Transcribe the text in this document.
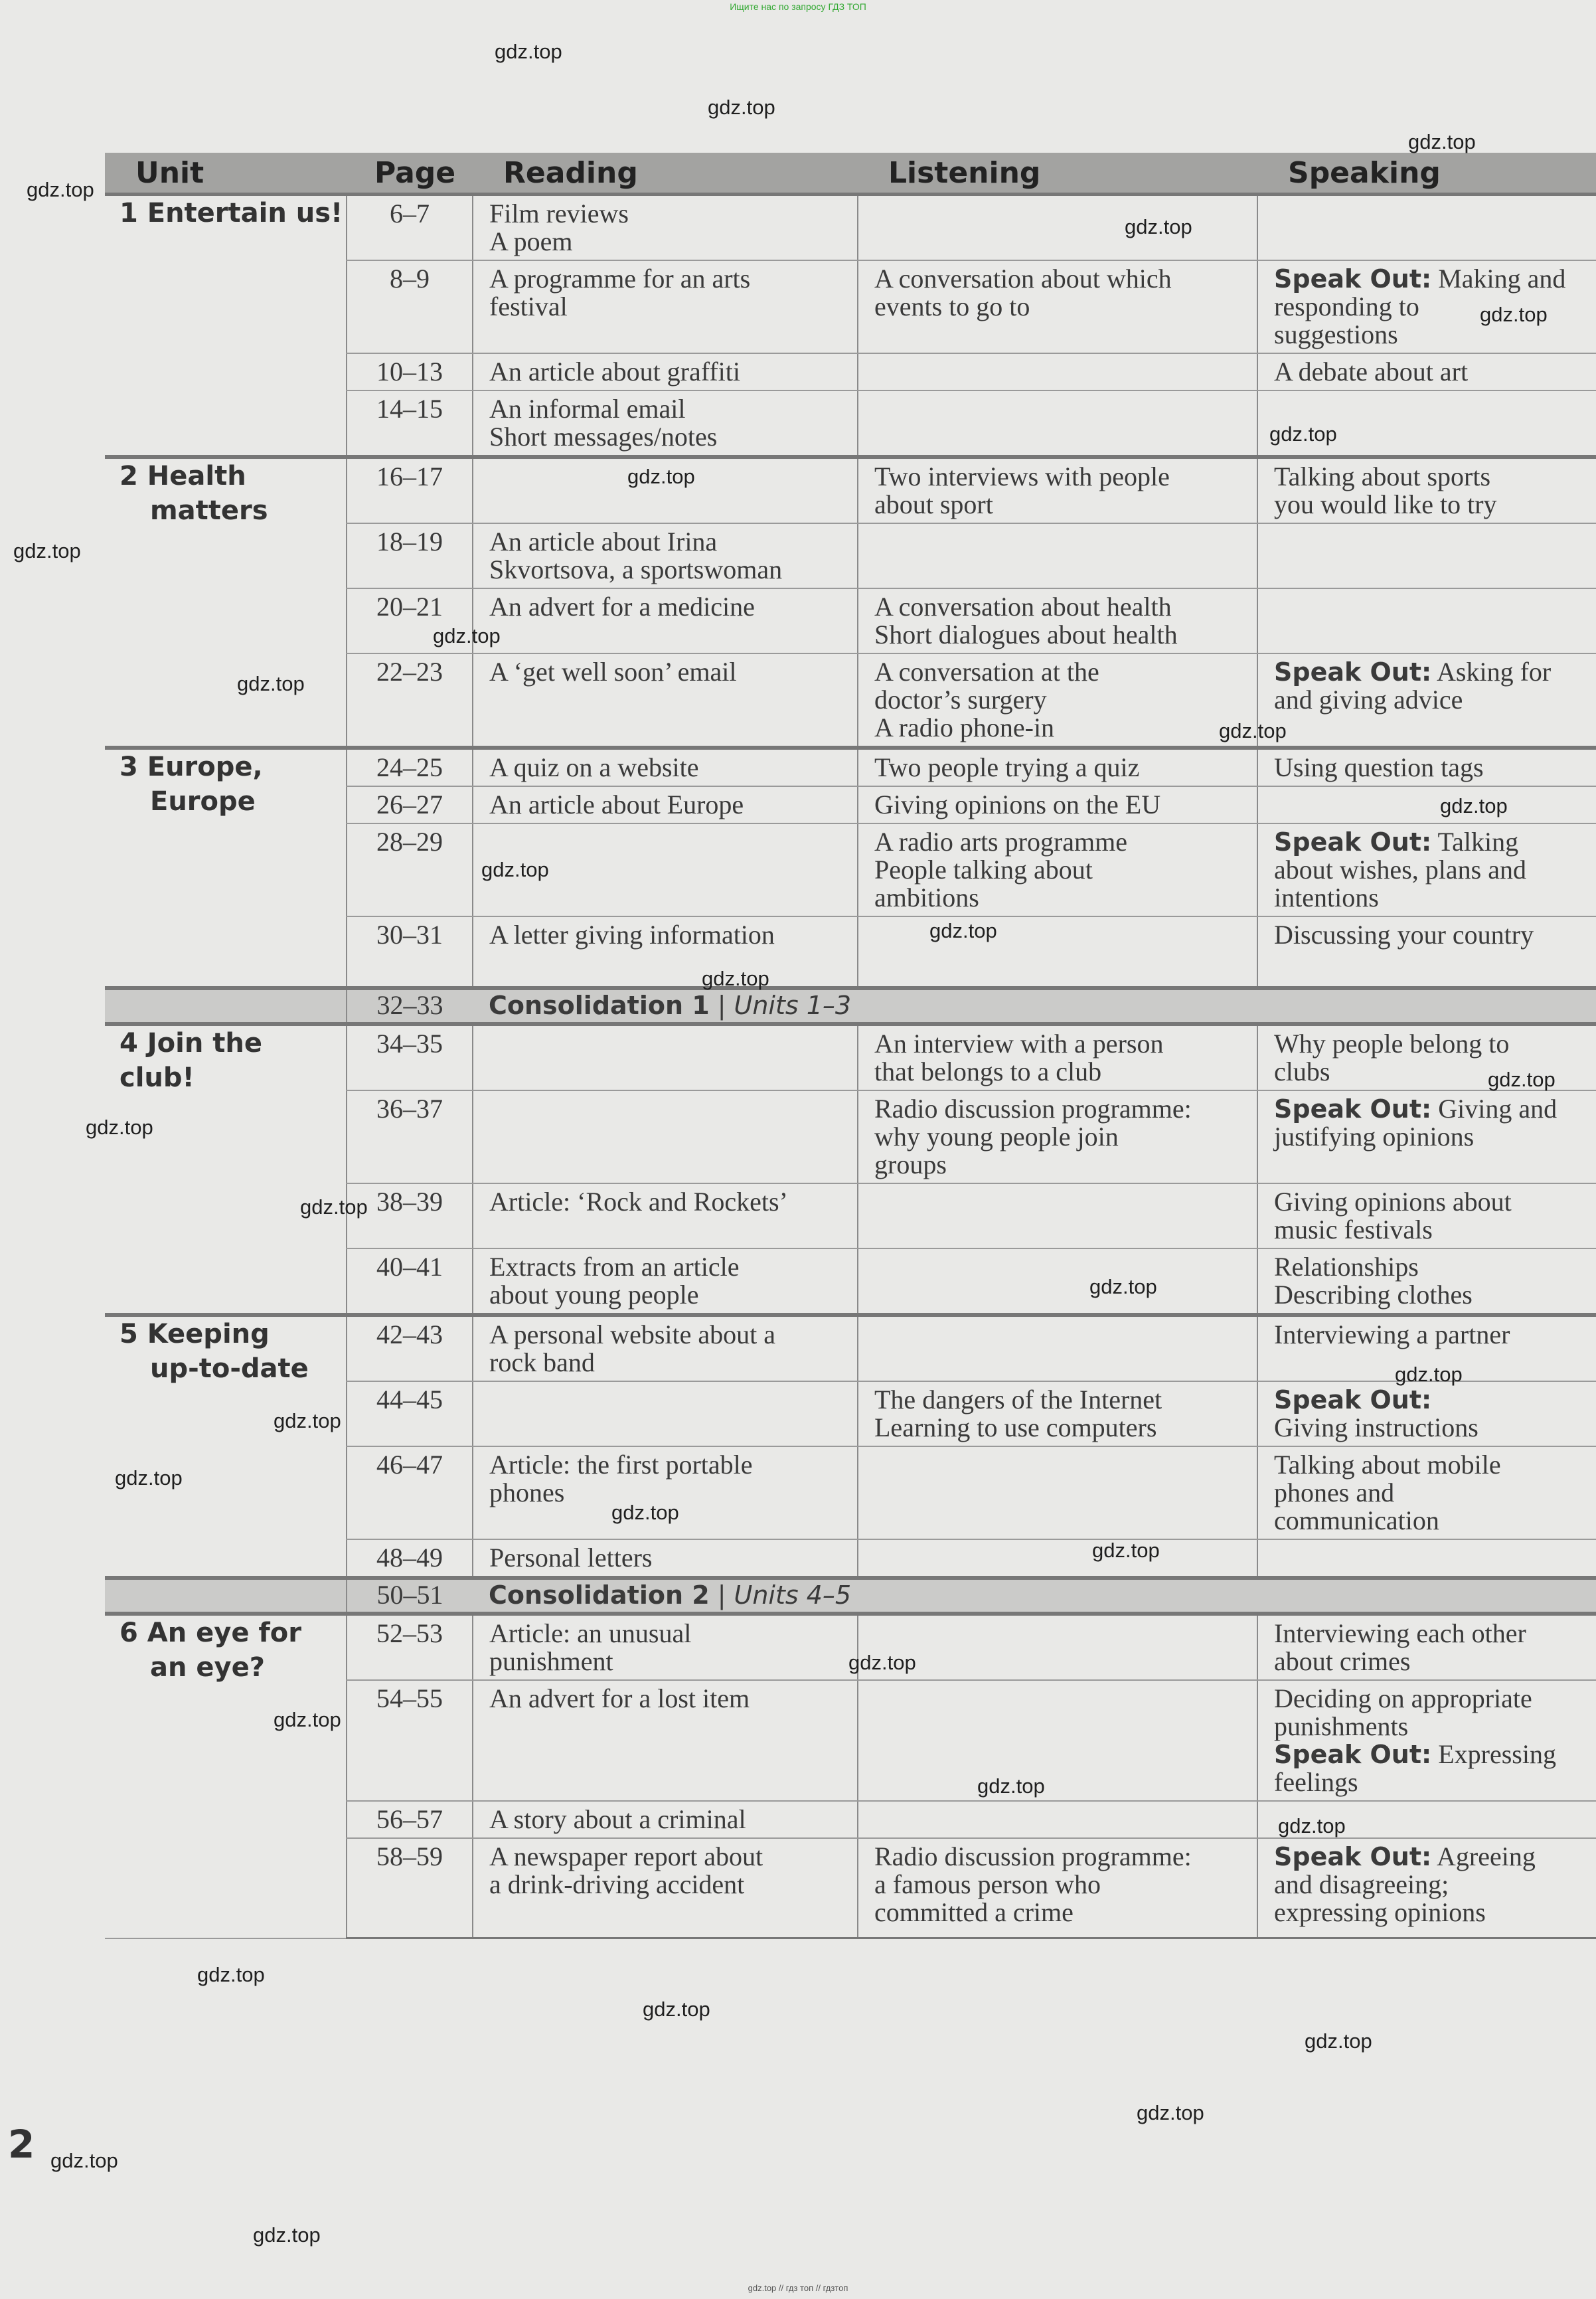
Ищите нас по запросу ГДЗ ТОП
Unit	Page	Reading	Listening	Speaking

1 Entertain us!	6–7	Film reviews
A poem		

	8–9	A programme for an arts
festival	A conversation about which
events to go to	Speak Out: Making and
responding to
suggestions

	10–13	An article about graffiti		A debate about art

	14–15	An informal email
Short messages/notes		

2 Health
matters	16–17		Two interviews with people
about sport	Talking about sports
you would like to try

	18–19	An article about Irina
Skvortsova, a sportswoman		

	20–21	An advert for a medicine	A conversation about health
Short dialogues about health	

	22–23	A ‘get well soon’ email	A conversation at the
doctor’s surgery
A radio phone-in	Speak Out: Asking for
and giving advice

3 Europe,
Europe	24–25	A quiz on a website	Two people trying a quiz	Using question tags

	26–27	An article about Europe	Giving opinions on the EU	

	28–29		A radio arts programme
People talking about
ambitions	Speak Out: Talking
about wishes, plans and
intentions

	30–31	A letter giving information		Discussing your country

	32–33	Consolidation 1 | Units 1–3		

4 Join the club!	34–35		An interview with a person
that belongs to a club	Why people belong to
clubs

	36–37		Radio discussion programme:
why young people join
groups	Speak Out: Giving and
justifying opinions

	38–39	Article: ‘Rock and Rockets’		Giving opinions about
music festivals

	40–41	Extracts from an article
about young people		Relationships
Describing clothes

5 Keeping
up-to-date	42–43	A personal website about a
rock band		Interviewing a partner

	44–45		The dangers of the Internet
Learning to use computers	Speak Out:
Giving instructions

	46–47	Article: the first portable
phones		Talking about mobile
phones and
communication

	48–49	Personal letters		

	50–51	Consolidation 2 | Units 4–5		

6 An eye for
an eye?	52–53	Article: an unusual
punishment		Interviewing each other
about crimes

	54–55	An advert for a lost item		Deciding on appropriate
punishments
Speak Out: Expressing
feelings

	56–57	A story about a criminal		

	58–59	A newspaper report about
a drink-driving accident	Radio discussion programme:
a famous person who
committed a crime	Speak Out: Agreeing
and disagreeing;
expressing opinions
gdz.top
gdz.top
gdz.top
gdz.top
gdz.top
gdz.top
gdz.top
gdz.top
gdz.top
gdz.top
gdz.top
gdz.top
gdz.top
gdz.top
gdz.top
gdz.top
gdz.top
gdz.top
gdz.top
gdz.top
gdz.top
gdz.top
gdz.top
gdz.top
gdz.top
gdz.top
gdz.top
gdz.top
gdz.top
gdz.top
gdz.top
gdz.top
gdz.top
gdz.top
gdz.top
2
gdz.top // гдз топ // гдзтоп
